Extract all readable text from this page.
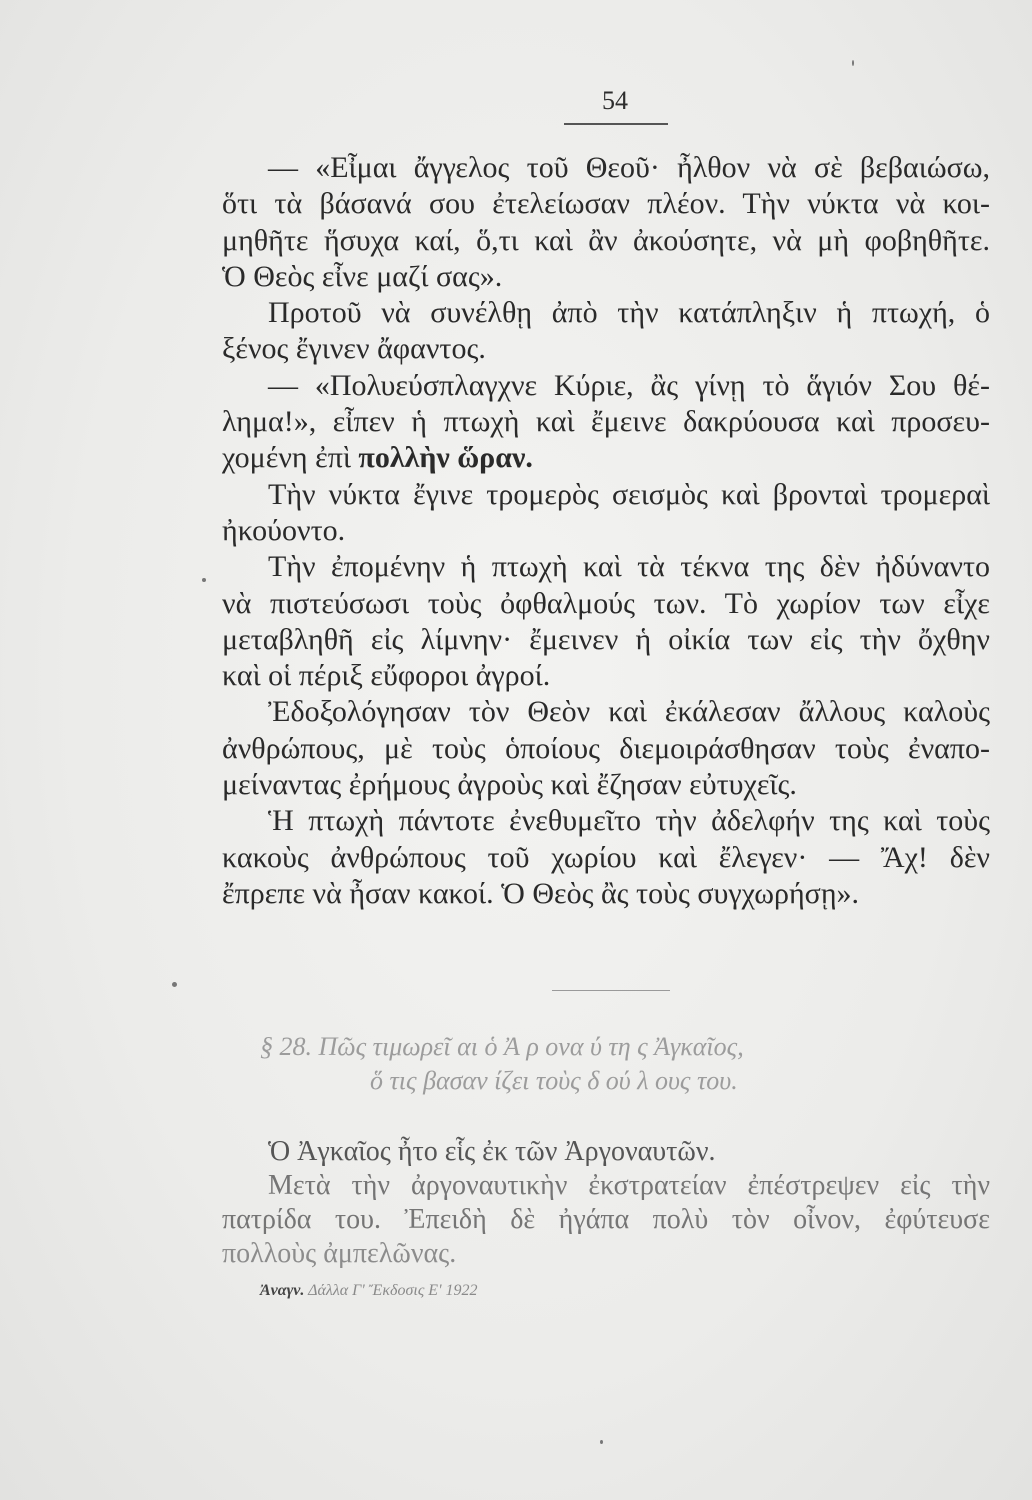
54
— «Εἶμαι ἄγγελος τοῦ Θεοῦ· ἦλθον νὰ σὲ βεβαιώσω,
ὅτι τὰ βάσανά σου ἐτελείωσαν πλέον. Τὴν νύκτα νὰ κοι-
μηθῆτε ἥσυχα καί, ὅ,τι καὶ ἂν ἀκούσητε, νὰ μὴ φοβηθῆτε.
Ὁ Θεὸς εἶνε μαζί σας».
Προτοῦ νὰ συνέλθῃ ἀπὸ τὴν κατάπληξιν ἡ πτωχή, ὁ
ξένος ἔγινεν ἄφαντος.
— «Πολυεύσπλαγχνε Κύριε, ἂς γίνῃ τὸ ἅγιόν Σου θέ-
λημα!», εἶπεν ἡ πτωχὴ καὶ ἔμεινε δακρύουσα καὶ προσευ-
χομένη ἐπὶ πολλὴν ὥραν.
Τὴν νύκτα ἔγινε τρομερὸς σεισμὸς καὶ βρονταὶ τρομεραὶ
ἠκούοντο.
Τὴν ἐπομένην ἡ πτωχὴ καὶ τὰ τέκνα της δὲν ἠδύναντο
νὰ πιστεύσωσι τοὺς ὀφθαλμούς των. Τὸ χωρίον των εἶχε
μεταβληθῆ εἰς λίμνην· ἔμεινεν ἡ οἰκία των εἰς τὴν ὄχθην
καὶ οἱ πέριξ εὔφοροι ἀγροί.
Ἐδοξολόγησαν τὸν Θεὸν καὶ ἐκάλεσαν ἄλλους καλοὺς
ἀνθρώπους, μὲ τοὺς ὁποίους διεμοιράσθησαν τοὺς ἐναπο-
μείναντας ἐρήμους ἀγροὺς καὶ ἔζησαν εὐτυχεῖς.
Ἡ πτωχὴ πάντοτε ἐνεθυμεῖτο τὴν ἀδελφήν της καὶ τοὺς
κακοὺς ἀνθρώπους τοῦ χωρίου καὶ ἔλεγεν· — Ἄχ! δὲν
ἔπρεπε νὰ ἦσαν κακοί. Ὁ Θεὸς ἂς τοὺς συγχωρήσῃ».
§ 28. Πῶς τιμωρεῖ αι ὁ Ἀ ρ ονα ύ τη ς Ἀγκαῖος,
ὅ τις βασαν ίζει τοὺς δ ού λ ους του.
Ὁ Ἀγκαῖος ἦτο εἷς ἐκ τῶν Ἀργοναυτῶν.
Μετὰ τὴν ἀργοναυτικὴν ἐκστρατείαν ἐπέστρεψεν εἰς τὴν
πατρίδα του. Ἐπειδὴ δὲ ἠγάπα πολὺ τὸν οἶνον, ἐφύτευσε
πολλοὺς ἀμπελῶνας.
Ἀναγν. Δάλλα Γ' Ἔκδοσις Ε' 1922
